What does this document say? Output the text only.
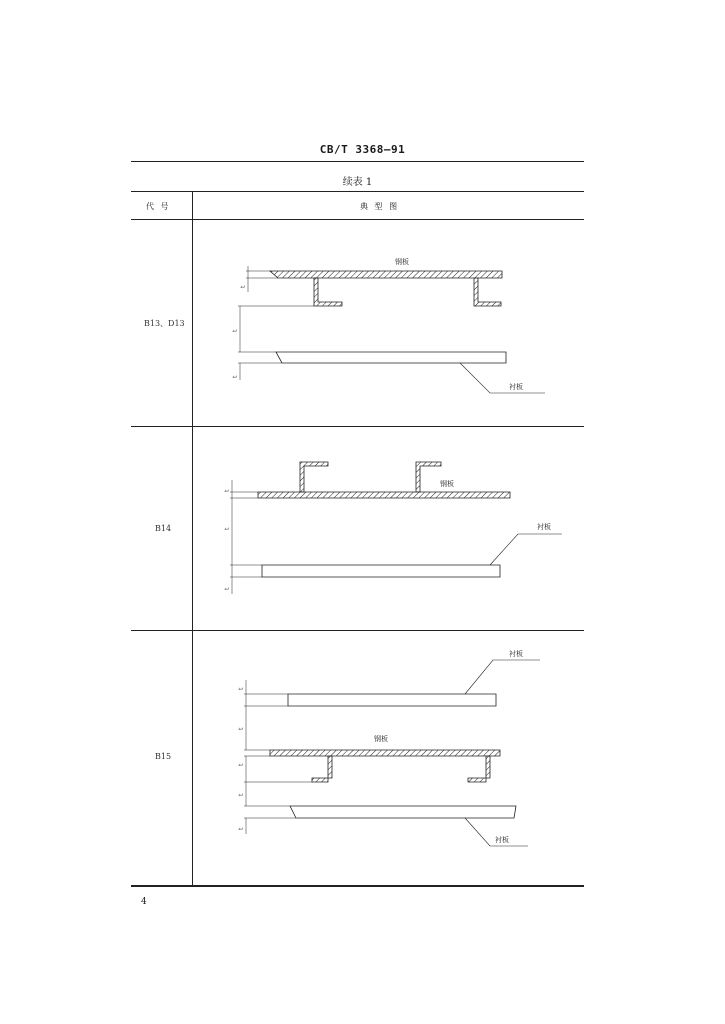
CB/T 3368—91
续表 1
代 号	典 型 图
B13、D13
B14
B15
钢板
衬板
t
t
t
钢板
衬板
t
t
t
衬板
钢板
衬板
t
t
t
t
t
4
